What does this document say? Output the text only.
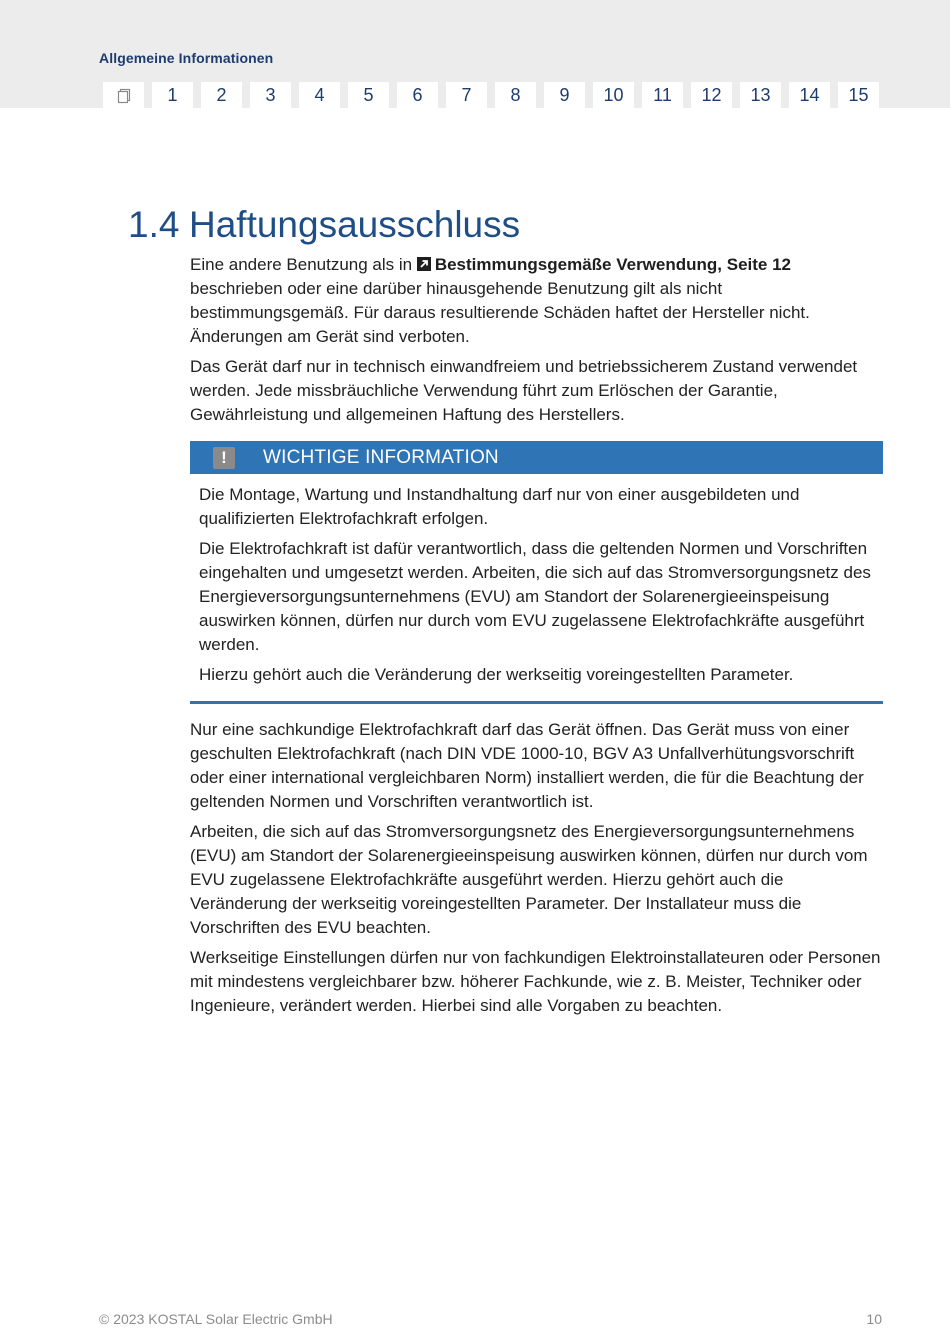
Allgemeine Informationen
1	2	3	4	5	6	7	8	9	10	11	12	13	14	15
1.4 Haftungsausschluss

Eine andere Benutzung als in
Bestimmungsgemäße Verwendung, Seite 12 beschrieben oder eine darüber hinausgehende Benutzung gilt als nicht bestimmungsgemäß. Für daraus resultierende Schäden haftet der Hersteller nicht. Änderungen am Gerät sind verboten.

Das Gerät darf nur in technisch einwandfreiem und betriebssicherem Zustand verwendet werden. Jede missbräuchliche Verwendung führt zum Erlöschen der Garantie, Gewährleistung und allgemeinen Haftung des Herstellers.

!	WICHTIGE INFORMATION

Die Montage, Wartung und Instandhaltung darf nur von einer ausgebildeten und qualifizierten Elektrofachkraft erfolgen.

Die Elektrofachkraft ist dafür verantwortlich, dass die geltenden Normen und Vorschriften eingehalten und umgesetzt werden. Arbeiten, die sich auf das Stromversorgungsnetz des Energieversorgungsunternehmens (EVU) am Standort der Solarenergieeinspeisung auswirken können, dürfen nur durch vom EVU zugelassene Elektrofachkräfte ausgeführt werden.

Hierzu gehört auch die Veränderung der werkseitig voreingestellten Parameter.

Nur eine sachkundige Elektrofachkraft darf das Gerät öffnen. Das Gerät muss von einer geschulten Elektrofachkraft (nach DIN VDE 1000-10, BGV A3 Unfallverhütungsvorschrift oder einer international vergleichbaren Norm) installiert werden, die für die Beachtung der geltenden Normen und Vorschriften verantwortlich ist.

Arbeiten, die sich auf das Stromversorgungsnetz des Energieversorgungsunternehmens (EVU) am Standort der Solarenergieeinspeisung auswirken können, dürfen nur durch vom EVU zugelassene Elektrofachkräfte ausgeführt werden. Hierzu gehört auch die Veränderung der werkseitig voreingestellten Parameter. Der Installateur muss die Vorschriften des EVU beachten.

Werkseitige Einstellungen dürfen nur von fachkundigen Elektroinstallateuren oder Personen mit mindestens vergleichbarer bzw. höherer Fachkunde, wie z. B. Meister, Techniker oder Ingenieure, verändert werden. Hierbei sind alle Vorgaben zu beachten.

© 2023 KOSTAL Solar Electric GmbH	10
